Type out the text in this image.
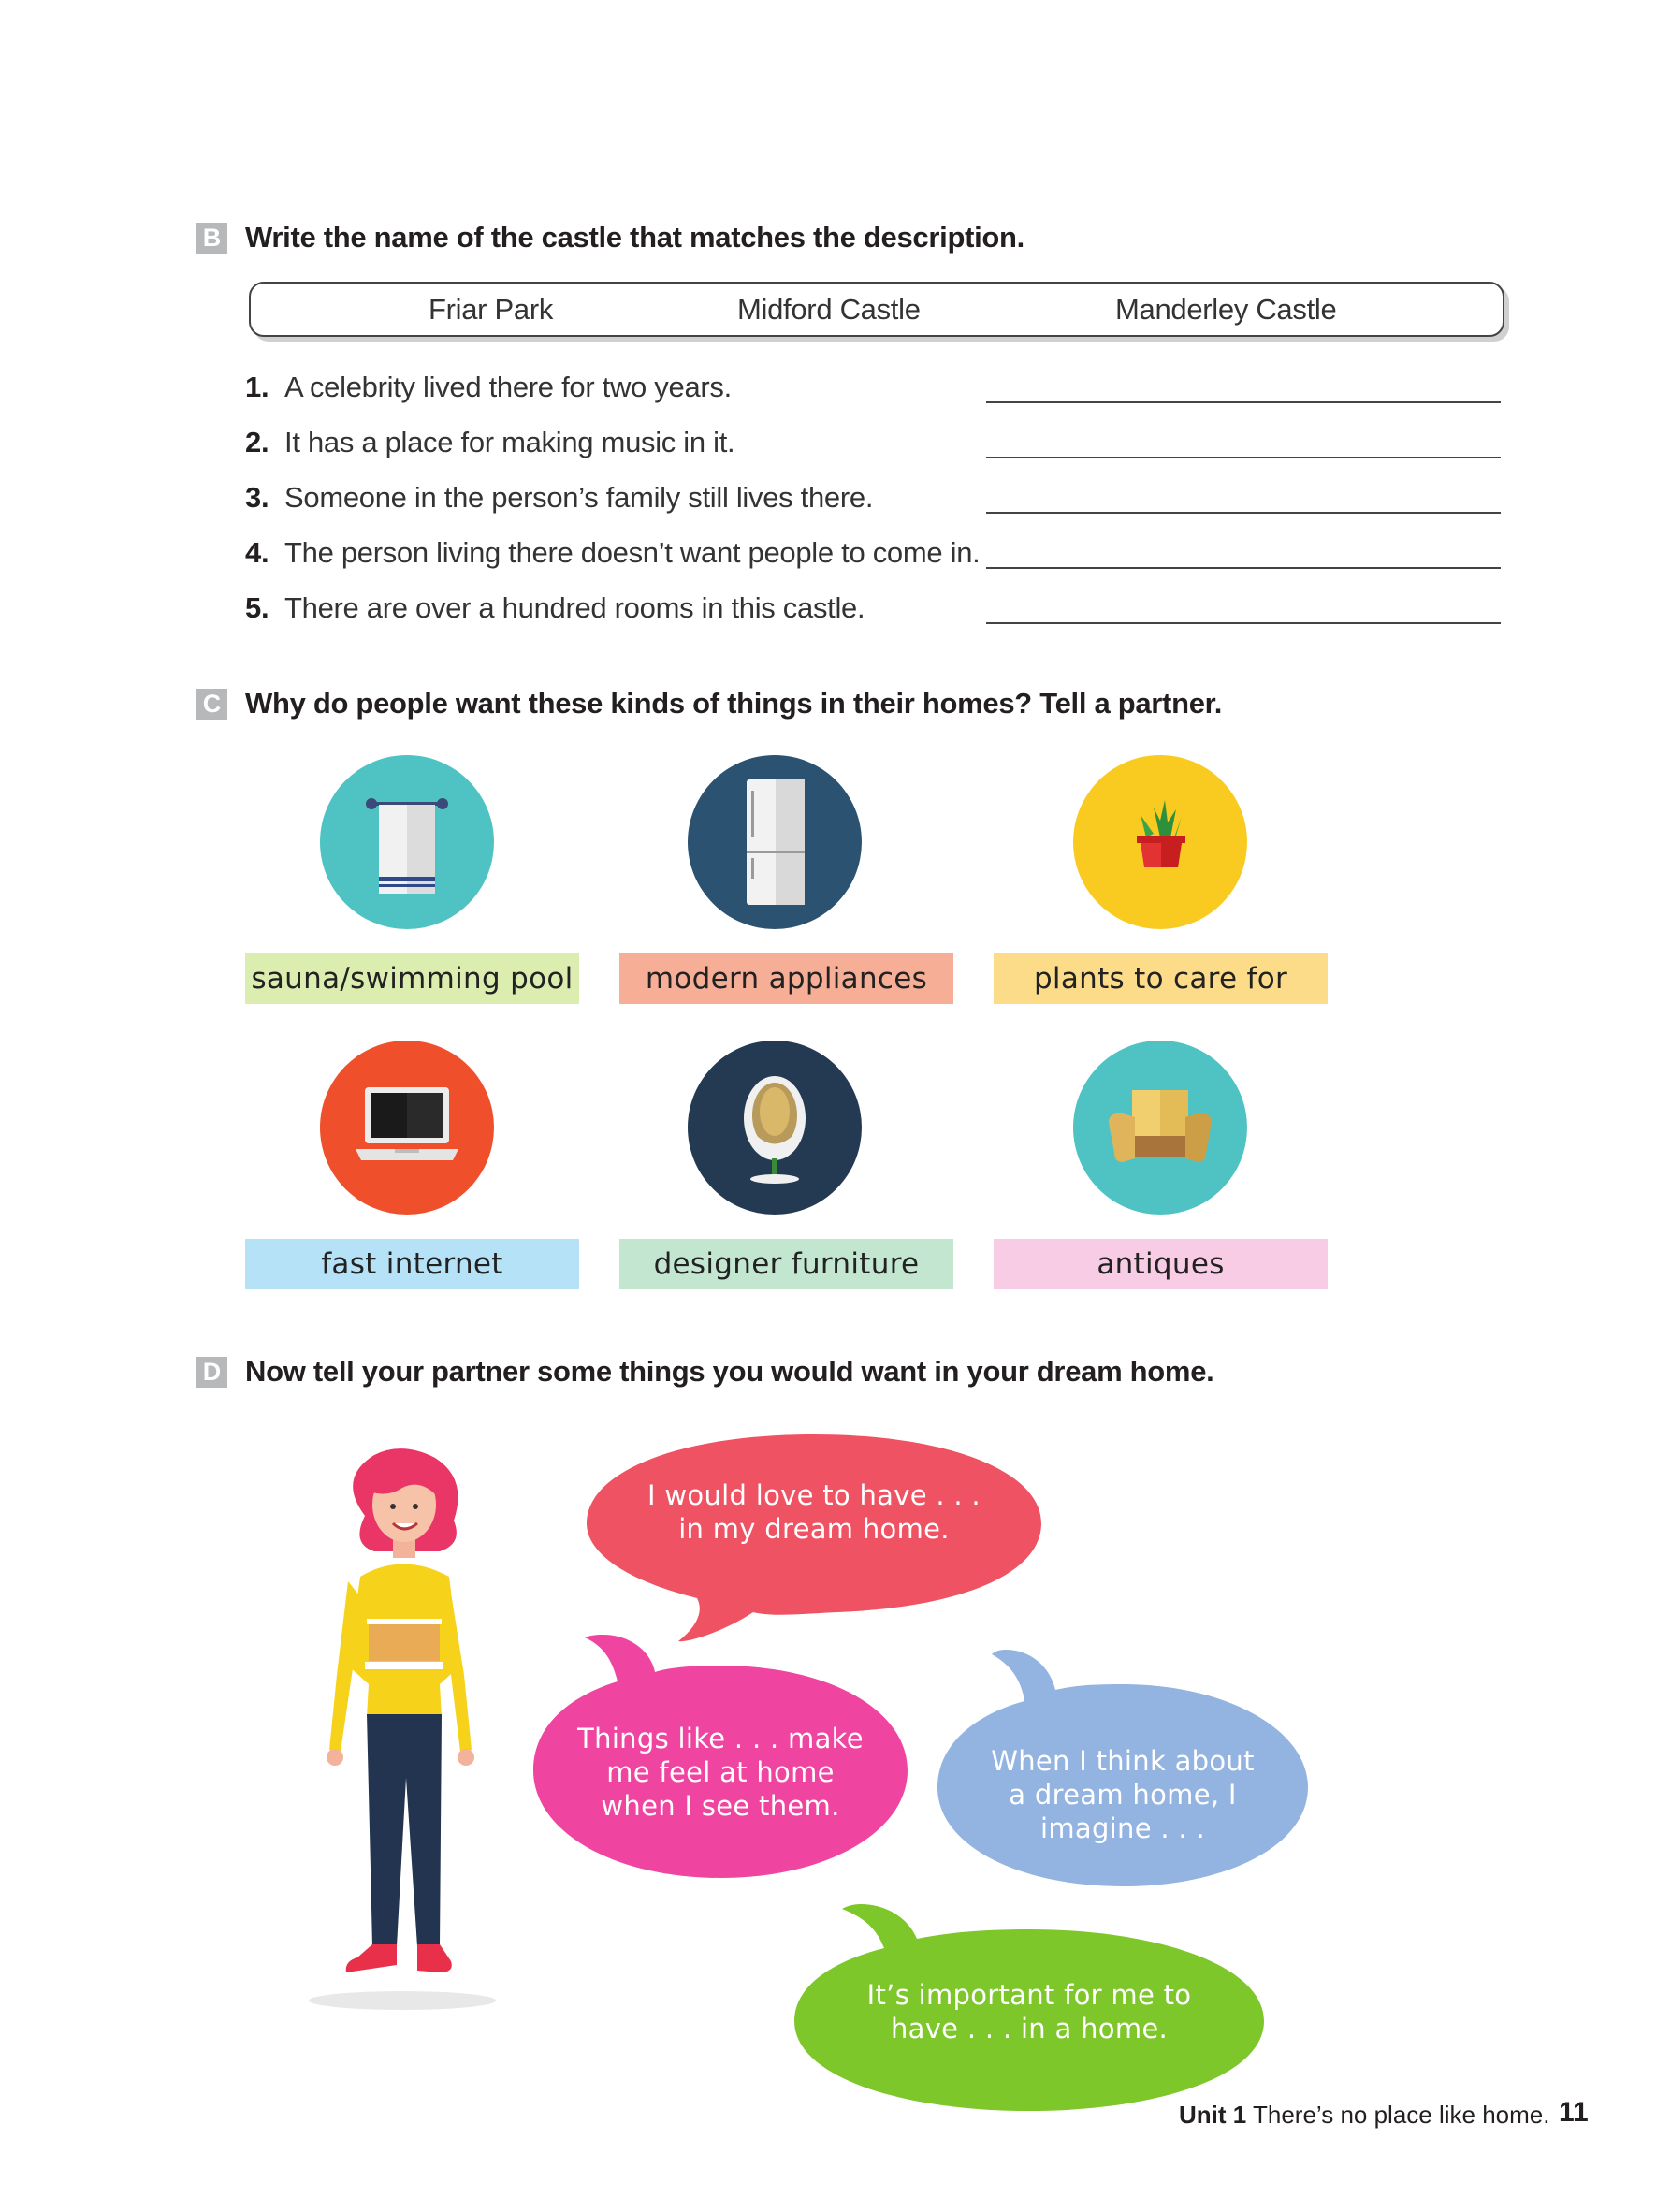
B Write the name of the castle that matches the description.
Friar Park	Midford Castle	Manderley Castle
1. A celebrity lived there for two years.
2. It has a place for making music in it.
3. Someone in the person’s family still lives there.
4. The person living there doesn’t want people to come in.
5. There are over a hundred rooms in this castle.
C Why do people want these kinds of things in their homes? Tell a partner.
sauna/swimming pool	modern appliances	plants to care for
fast internet	designer furniture	antiques
D Now tell your partner some things you would want in your dream home.
I would love to have . . .
in my dream home.
Things like . . . make
me feel at home
when I see them.
When I think about
a dream home, I
imagine . . .
It’s important for me to
have . . . in a home.
Unit 1 There’s no place like home. 11
